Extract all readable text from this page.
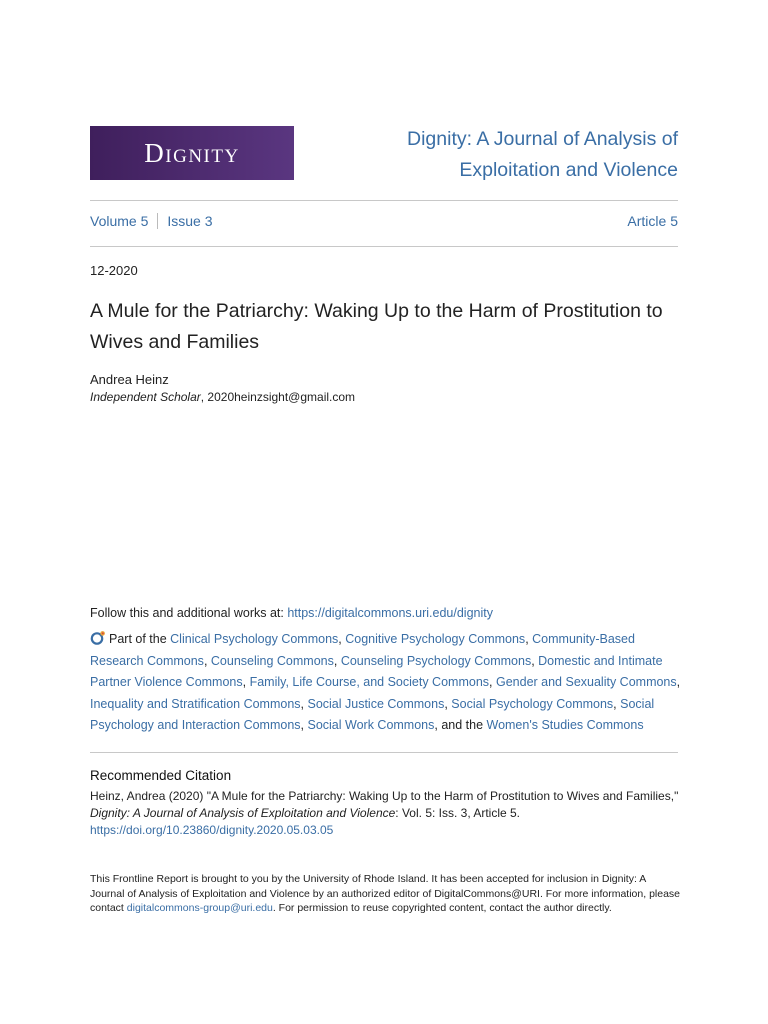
Dignity	Dignity: A Journal of Analysis of
Exploitation and Violence
Volume 5 Issue 3	Article 5
12-2020
A Mule for the Patriarchy: Waking Up to the Harm of Prostitution to Wives and Families
Andrea Heinz
Independent Scholar, 2020heinzsight@gmail.com
Follow this and additional works at: https://digitalcommons.uri.edu/dignity
Part of the Clinical Psychology Commons, Cognitive Psychology Commons, Community-Based Research Commons, Counseling Commons, Counseling Psychology Commons, Domestic and Intimate Partner Violence Commons, Family, Life Course, and Society Commons, Gender and Sexuality Commons, Inequality and Stratification Commons, Social Justice Commons, Social Psychology Commons, Social Psychology and Interaction Commons, Social Work Commons, and the Women's Studies Commons
Recommended Citation
Heinz, Andrea (2020) "A Mule for the Patriarchy: Waking Up to the Harm of Prostitution to Wives and Families," Dignity: A Journal of Analysis of Exploitation and Violence: Vol. 5: Iss. 3, Article 5.
https://doi.org/10.23860/dignity.2020.05.03.05
This Frontline Report is brought to you by the University of Rhode Island. It has been accepted for inclusion in Dignity: A Journal of Analysis of Exploitation and Violence by an authorized editor of DigitalCommons@URI. For more information, please contact digitalcommons-group@uri.edu. For permission to reuse copyrighted content, contact the author directly.
